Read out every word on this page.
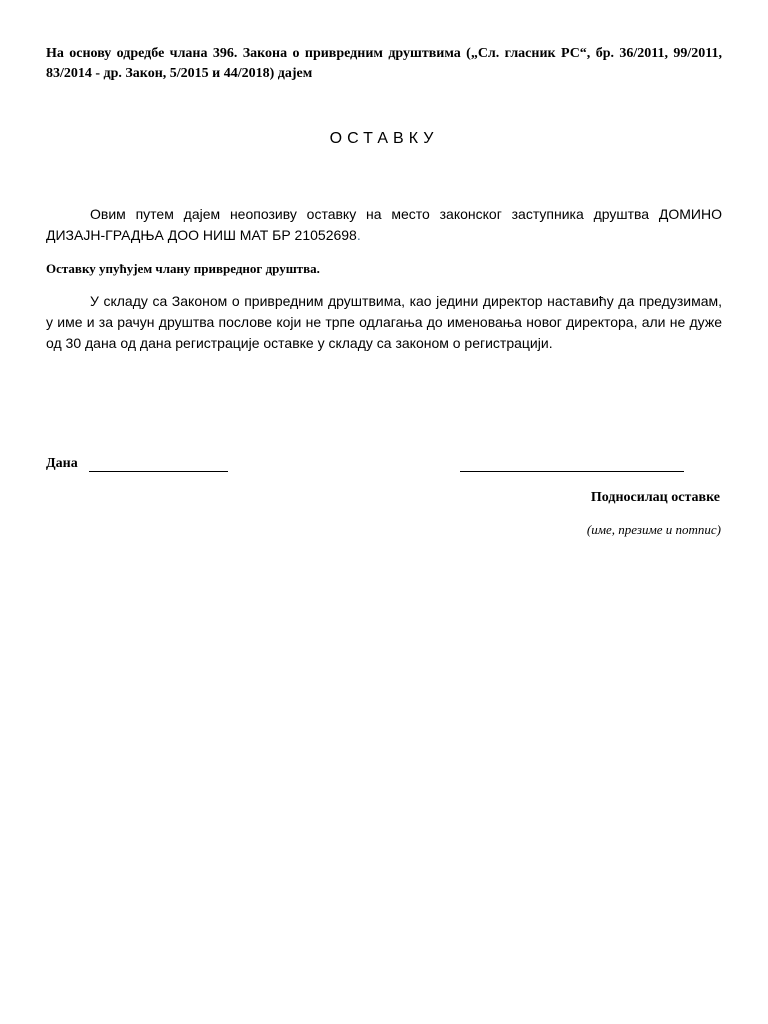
На основу одредбе члана 396. Закона о привредним друштвима („Сл. гласник РС“, бр. 36/2011, 99/2011, 83/2014 - др. Закон, 5/2015 и 44/2018) дајем
ОСТАВКУ
Овим путем дајем неопозиву оставку на место законског заступника друштва ДОМИНО ДИЗАЈН-ГРАДЊА ДОО НИШ МАТ БР 21052698.
Оставку упућујем члану привредног друштва.
У складу са Законом о привредним друштвима, као једини директор наставићу да предузимам, у име и за рачун друштва послове који не трпе одлагања до именовања новог директора, али не дуже од 30 дана од дана регистрације оставке у складу са законом о регистрацији.
Дана
Подносилац оставке
(име, презиме и потпис)
